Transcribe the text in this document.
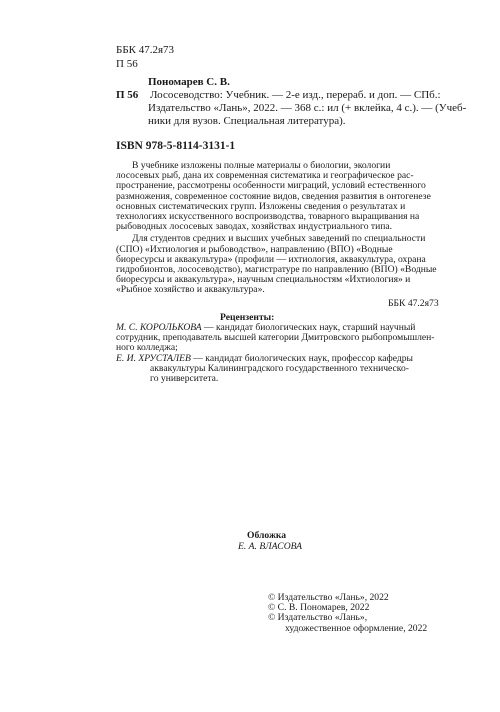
ББК 47.2я73
П 56
П 56
Пономарев С. В.
Лососеводство: Учебник. — 2-е изд., перераб. и доп. — СПб.:
Издательство «Лань», 2022. — 368 с.: ил (+ вклейка, 4 с.). — (Учеб-
ники для вузов. Специальная литература).
ISBN 978-5-8114-3131-1
В учебнике изложены полные материалы о биологии, экологии
лососевых рыб, дана их современная систематика и географическое рас-
пространение, рассмотрены особенности миграций, условий естественного
размножения, современное состояние видов, сведения развития в онтогенезе
основных систематических групп. Изложены сведения о результатах и
технологиях искусственного воспроизводства, товарного выращивания на
рыбоводных лососевых заводах, хозяйствах индустриального типа.
Для студентов средних и высших учебных заведений по специальности
(СПО) «Ихтиология и рыбоводство», направлению (ВПО) «Водные
биоресурсы и аквакультура» (профили — ихтиология, аквакультура, охрана
гидробионтов, лососеводство), магистратуре по направлению (ВПО) «Водные
биоресурсы и аквакультура», научным специальностям «Ихтиология» и
«Рыбное хозяйство и аквакультура».
ББК 47.2я73
Рецензенты:
М. С. КОРОЛЬКОВА — кандидат биологических наук, старший научный
сотрудник, преподаватель высшей категории Дмитровского рыбопромышлен-
ного колледжа;
Е. И. ХРУСТАЛЕВ — кандидат биологических наук, профессор кафедры
аквакультуры Калининградского государственного техническо-
го университета.
Обложка
Е. А. ВЛАСОВА
© Издательство «Лань», 2022
© С. В. Пономарев, 2022
© Издательство «Лань»,
художественное оформление, 2022
